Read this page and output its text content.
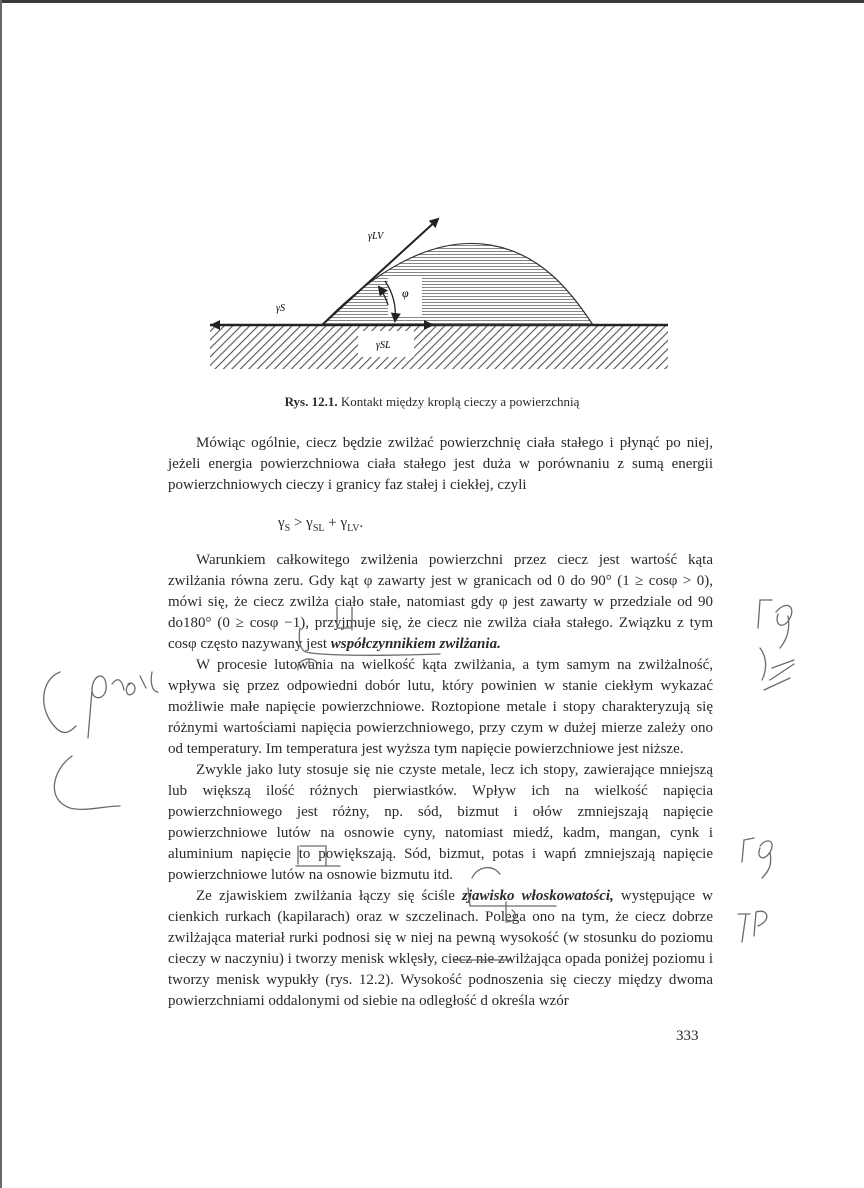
γLV
γS
φ
γSL
Rys. 12.1. Kontakt między kroplą cieczy a powierzchnią

Mówiąc ogólnie, ciecz będzie zwilżać powierzchnię ciała stałego i płynąć po niej, jeżeli energia powierzchniowa ciała stałego jest duża w porównaniu z sumą energii powierzchniowych cieczy i granicy faz stałej i ciekłej, czyli

$\gamma_S > \gamma_{SL} + \gamma_{LV}$.

Warunkiem całkowitego zwilżenia powierzchni przez ciecz jest wartość kąta zwilżania równa zeru. Gdy kąt φ zawarty jest w granicach od 0 do 90° (1 ≥ cosφ > 0), mówi się, że ciecz zwilża ciało stałe, natomiast gdy φ jest zawarty w przedziale od 90 do180° (0 ≥ cosφ −1), przyjmuje się, że ciecz nie zwilża ciała stałego. Związku z tym cosφ często nazywany jest współczynnikiem zwilżania.

W procesie lutowania na wielkość kąta zwilżania, a tym samym na zwilżalność, wpływa się przez odpowiedni dobór lutu, który powinien w stanie ciekłym wykazać możliwie małe napięcie powierzchniowe. Roztopione metale i stopy charakteryzują się różnymi wartościami napięcia powierzchniowego, przy czym w dużej mierze zależy ono od temperatury. Im temperatura jest wyższa tym napięcie powierzchniowe jest niższe.

Zwykle jako luty stosuje się nie czyste metale, lecz ich stopy, zawierające mniejszą lub większą ilość różnych pierwiastków. Wpływ ich na wielkość napięcia powierzchniowego jest różny, np. sód, bizmut i ołów zmniejszają napięcie powierzchniowe lutów na osnowie cyny, natomiast miedź, kadm, mangan, cynk i aluminium napięcie to powiększają. Sód, bizmut, potas i wapń zmniejszają napięcie powierzchniowe lutów na osnowie bizmutu itd.

Ze zjawiskiem zwilżania łączy się ściśle zjawisko włoskowatości, występujące w cienkich rurkach (kapilarach) oraz w szczelinach. Polega ono na tym, że ciecz dobrze zwilżająca materiał rurki podnosi się w niej na pewną wysokość (w stosunku do poziomu cieczy w naczyniu) i tworzy menisk wklęsły, ciecz nie zwilżająca opada poniżej poziomu i tworzy menisk wypukły (rys. 12.2). Wysokość podnoszenia się cieczy między dwoma powierzchniami oddalonymi od siebie na odległość d określa wzór

333
